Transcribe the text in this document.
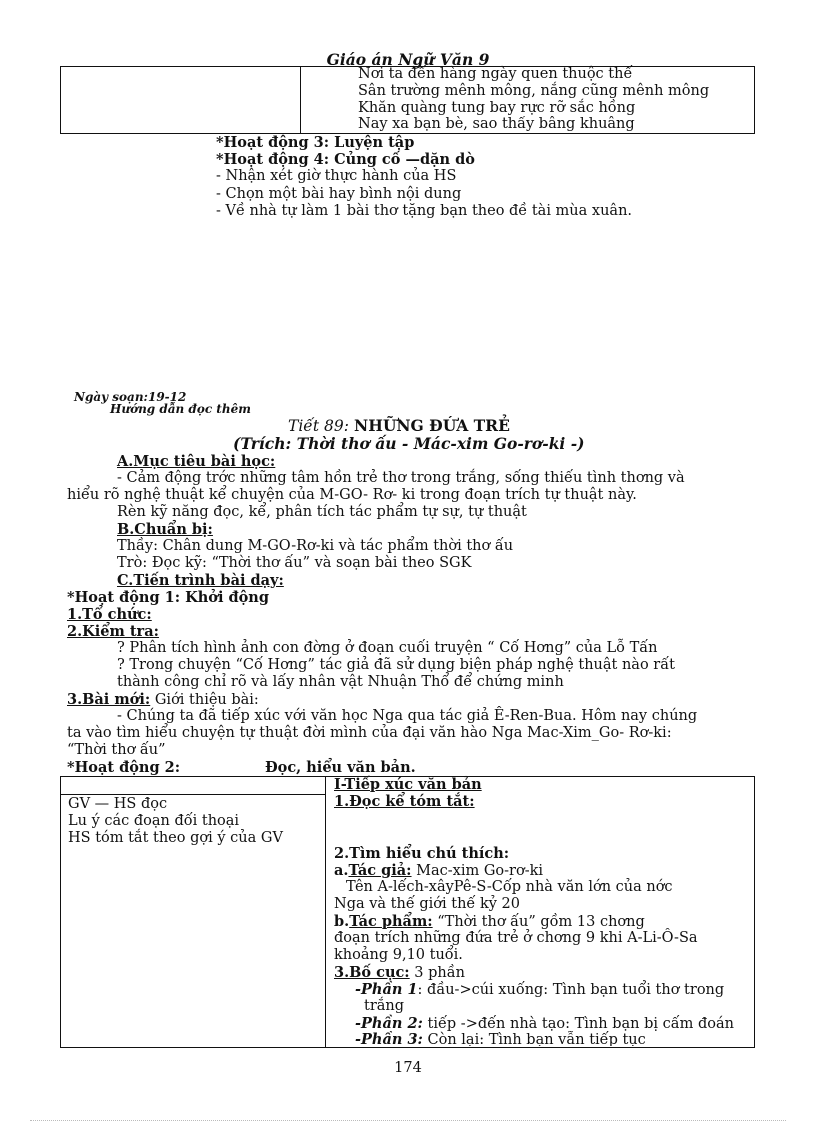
Giáo án Ngữ Văn 9
Nơi ta đến hàng ngày quen thuộc thế
Sân trường mênh mông, nắng cũng mênh mông
Khăn quàng tung bay rực rỡ sắc hồng
Nay xa bạn bè, sao thấy bâng khuâng
*Hoạt động 3: Luyện tập
*Hoạt động 4: Củng cố —dặn dò
- Nhận xét giờ thực hành của HS
- Chọn một bài hay bình nội dung
- Về nhà tự làm 1 bài thơ tặng bạn theo đề tài mùa xuân.
Ngày soạn:19-12
Hướng dẫn đọc thêm
Tiết 89: NHỮNG ĐỨA TRẺ
(Trích: Thời thơ ấu - Mác-xim Go-rơ-ki -)
A.Mục tiêu bài học:
- Cảm động trớc những tâm hồn trẻ thơ trong trắng, sống thiếu tình thơng và
hiểu rõ nghệ thuật kể chuyện của M-GO- Rơ- ki trong đoạn trích tự thuật này.
Rèn kỹ năng đọc, kể, phân tích tác phẩm tự sự, tự thuật
B.Chuẩn bị:
Thầy: Chân dung M-GO-Rơ-ki và tác phẩm thời thơ ấu
Trò: Đọc kỹ: “Thời thơ ấu” và soạn bài theo SGK
C.Tiến trình bài dạy:
*Hoạt động 1: Khởi động
1.Tổ chức:
2.Kiểm tra:
? Phân tích hình ảnh con đờng ở đoạn cuối truyện “ Cố Hơng” của Lỗ Tấn
? Trong chuyện “Cố Hơng” tác giả đã sử dụng biện pháp nghệ thuật nào rất
thành công chỉ rõ và lấy nhân vật Nhuận Thổ để chứng minh
3.Bài mới: Giới thiệu bài:
- Chúng ta đã tiếp xúc với văn học Nga qua tác giả Ê-Ren-Bua. Hôm nay chúng
ta vào tìm hiểu chuyện tự thuật đời mình của đại văn hào Nga Mac-Xim_Go- Rơ-ki:
“Thời thơ ấu”
*Hoạt động 2:	Đọc, hiểu văn bản.
GV — HS đọc
Lu ý các đoạn đối thoại
HS tóm tắt theo gợi ý của GV
I-Tiếp xúc văn bản
1.Đọc kể tóm tắt:
2.Tìm hiểu chú thích:
a.Tác giả: Mac-xim Go-rơ-ki
Tên A-lếch-xâyPê-S-Cốp nhà văn lớn của nớc
Nga và thế giới thế kỷ 20
b.Tác phẩm: “Thời thơ ấu” gồm 13 chơng
đoạn trích những đứa trẻ ở chơng 9 khi A-Li-Ô-Sa
khoảng 9,10 tuổi.
3.Bố cục: 3 phần
-Phần 1: đầu->cúi xuống: Tình bạn tuổi thơ trong
trắng
-Phần 2: tiếp ->đến nhà tạo: Tình bạn bị cấm đoán
-Phần 3: Còn lại: Tình bạn vẫn tiếp tục
174
